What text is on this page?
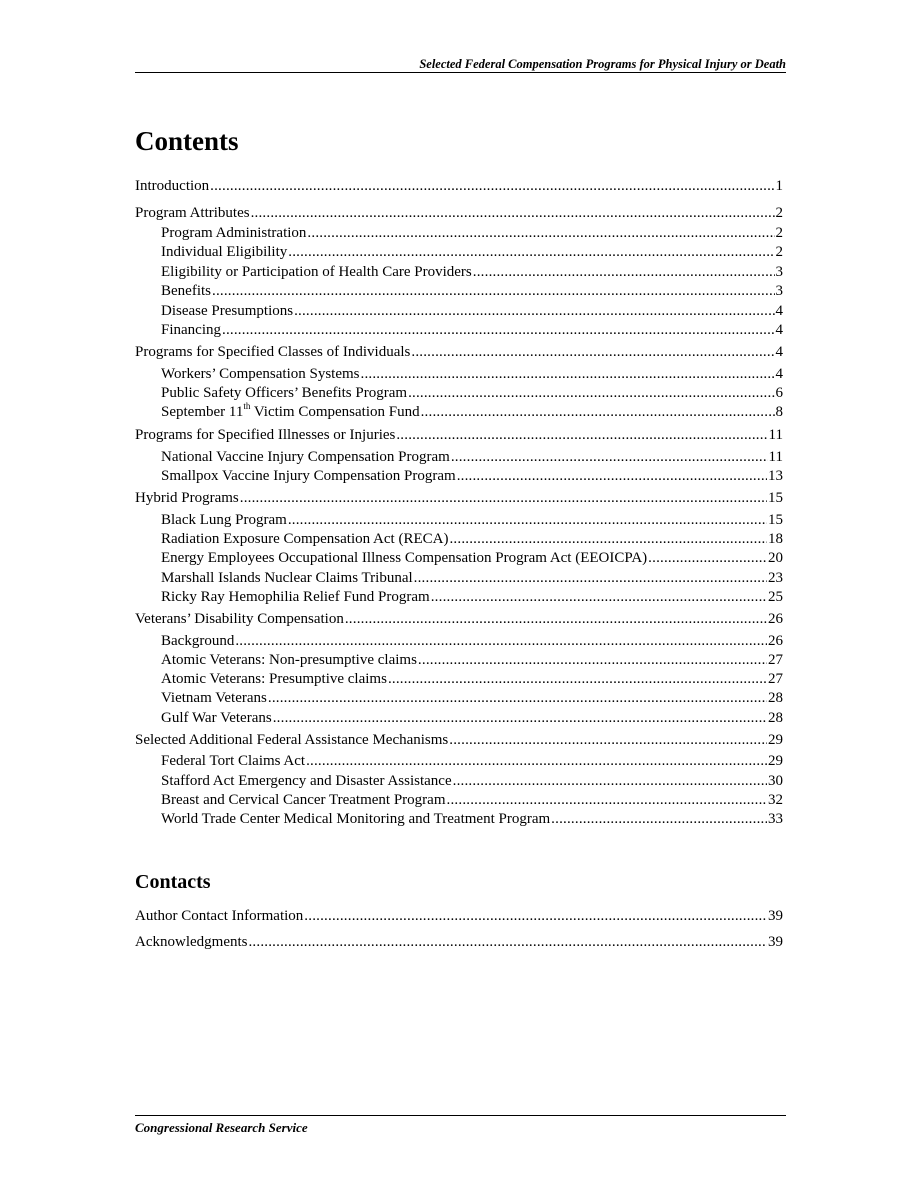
Selected Federal Compensation Programs for Physical Injury or Death
Contents
Introduction .....	1
Program Attributes .....	2
Program Administration .....	2
Individual Eligibility .....	2
Eligibility or Participation of Health Care Providers .....	3
Benefits .....	3
Disease Presumptions .....	4
Financing .....	4
Programs for Specified Classes of Individuals .....	4
Workers’ Compensation Systems .....	4
Public Safety Officers’ Benefits Program .....	6
September 11th Victim Compensation Fund .....	8
Programs for Specified Illnesses or Injuries .....	11
National Vaccine Injury Compensation Program .....	11
Smallpox Vaccine Injury Compensation Program .....	13
Hybrid Programs .....	15
Black Lung Program .....	15
Radiation Exposure Compensation Act (RECA) .....	18
Energy Employees Occupational Illness Compensation Program Act (EEOICPA) .....	20
Marshall Islands Nuclear Claims Tribunal .....	23
Ricky Ray Hemophilia Relief Fund Program .....	25
Veterans’ Disability Compensation .....	26
Background .....	26
Atomic Veterans: Non-presumptive claims .....	27
Atomic Veterans: Presumptive claims .....	27
Vietnam Veterans .....	28
Gulf War Veterans .....	28
Selected Additional Federal Assistance Mechanisms .....	29
Federal Tort Claims Act .....	29
Stafford Act Emergency and Disaster Assistance .....	30
Breast and Cervical Cancer Treatment Program .....	32
World Trade Center Medical Monitoring and Treatment Program .....	33
Contacts
Author Contact Information .....	39
Acknowledgments .....	39
Congressional Research Service
